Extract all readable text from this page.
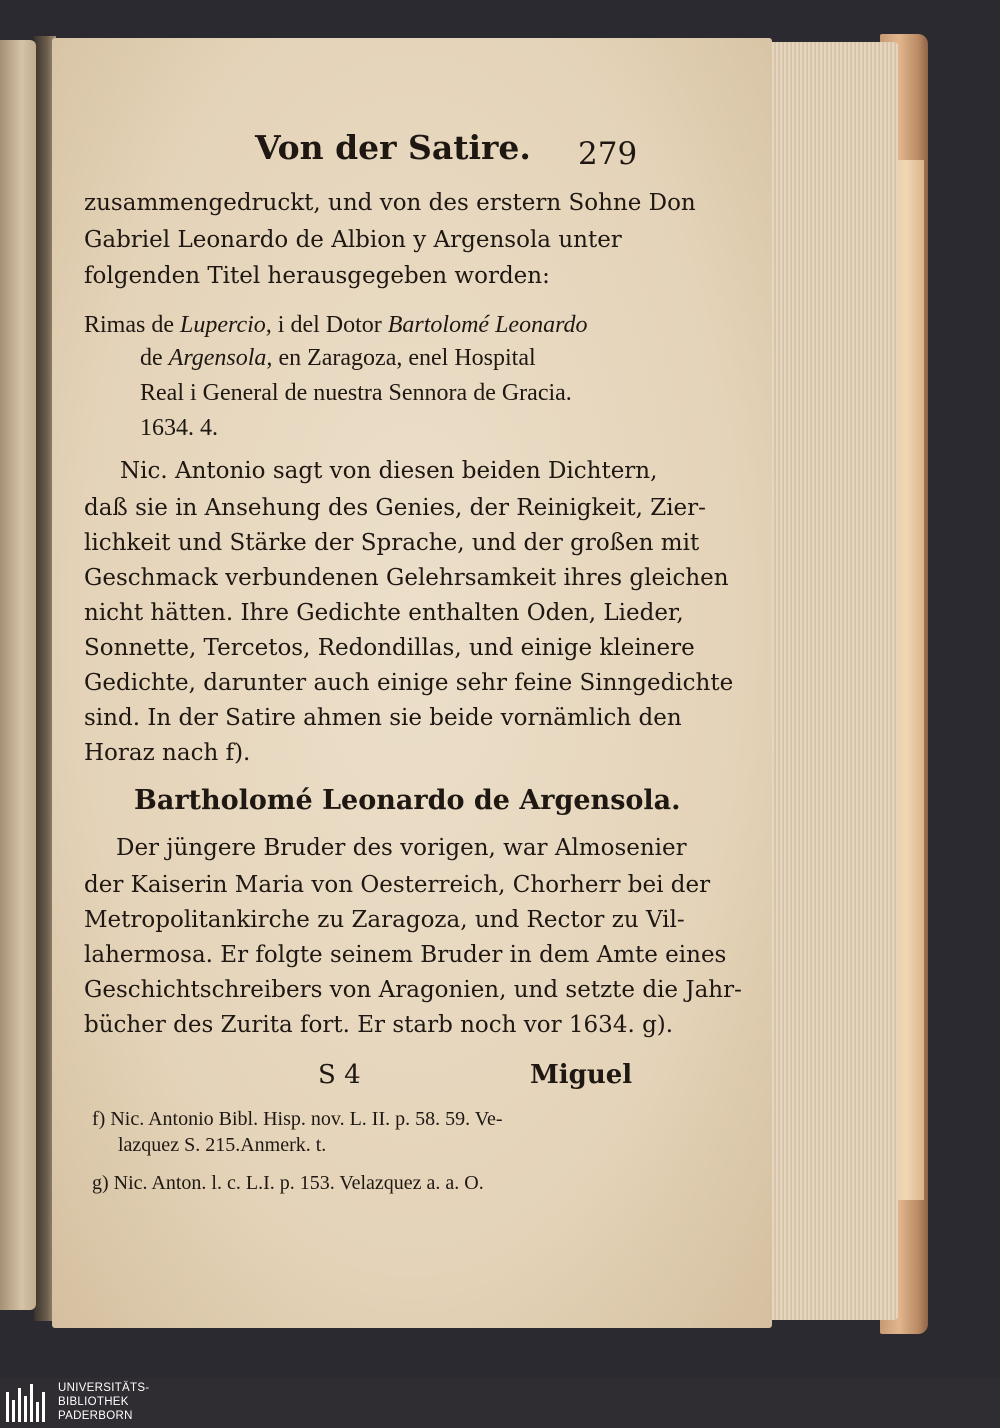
Von der Satire. 279
zusammengedruckt, und von des erstern Sohne Don
Gabriel Leonardo de Albion y Argensola unter
folgenden Titel herausgegeben worden:
Rimas de Lupercio, i del Dotor Bartolomé Leonardo
de Argensola, en Zaragoza, enel Hospital
Real i General de nuestra Sennora de Gracia.
1634. 4.
Nic. Antonio sagt von diesen beiden Dichtern,
daß sie in Ansehung des Genies, der Reinigkeit, Zier-
lichkeit und Stärke der Sprache, und der großen mit
Geschmack verbundenen Gelehrsamkeit ihres gleichen
nicht hätten. Ihre Gedichte enthalten Oden, Lieder,
Sonnette, Tercetos, Redondillas, und einige kleinere
Gedichte, darunter auch einige sehr feine Sinngedichte
sind. In der Satire ahmen sie beide vornämlich den
Horaz nach f).
Bartholomé Leonardo de Argensola.
Der jüngere Bruder des vorigen, war Almosenier
der Kaiserin Maria von Oesterreich, Chorherr bei der
Metropolitankirche zu Zaragoza, und Rector zu Vil-
lahermosa. Er folgte seinem Bruder in dem Amte eines
Geschichtschreibers von Aragonien, und setzte die Jahr-
bücher des Zurita fort. Er starb noch vor 1634. g).
S 4	Miguel
f) Nic. Antonio Bibl. Hisp. nov. L. II. p. 58. 59. Ve-
lazquez S. 215.Anmerk. t.
g) Nic. Anton. l. c. L.I. p. 153. Velazquez a. a. O.
UNIVERSITÄTS-
BIBLIOTHEK
PADERBORN
